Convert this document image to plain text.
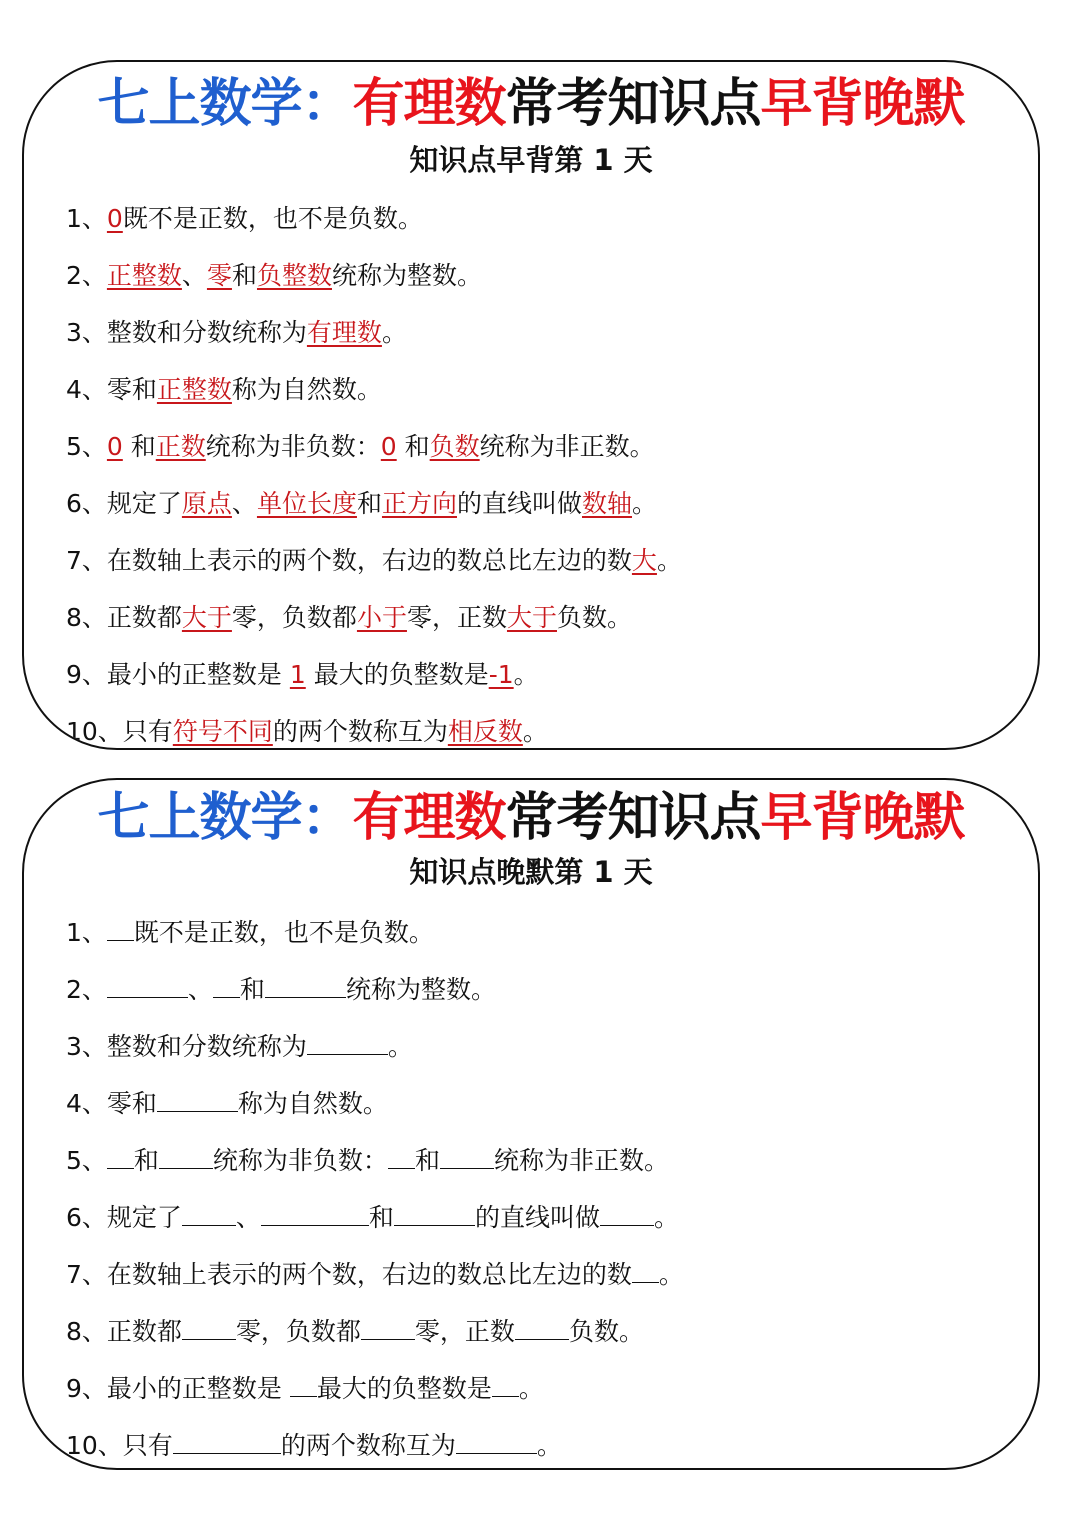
七上数学：有理数常考知识点早背晚默
知识点早背第 1 天
1、0既不是正数，也不是负数。
2、正整数、零和负整数统称为整数。
3、整数和分数统称为有理数。
4、零和正整数称为自然数。
5、0 和正数统称为非负数：0 和负数统称为非正数。
6、规定了原点、单位长度和正方向的直线叫做数轴。
7、在数轴上表示的两个数，右边的数总比左边的数大。
8、正数都大于零，负数都小于零，正数大于负数。
9、最小的正整数是 1 最大的负整数是-1。
10、只有符号不同的两个数称互为相反数。
七上数学：有理数常考知识点早背晚默
知识点晚默第 1 天
1、 既不是正数，也不是负数。
2、	、 和	统称为整数。
3、整数和分数统称为	。
4、零和	称为自然数。
5、 和 统称为非负数： 和 统称为非正数。
6、规定了 、	和	的直线叫做 。
7、在数轴上表示的两个数，右边的数总比左边的数 。
8、正数都 零，负数都 零，正数 负数。
9、最小的正整数是 最大的负整数是 。
10、只有	的两个数称互为	。
